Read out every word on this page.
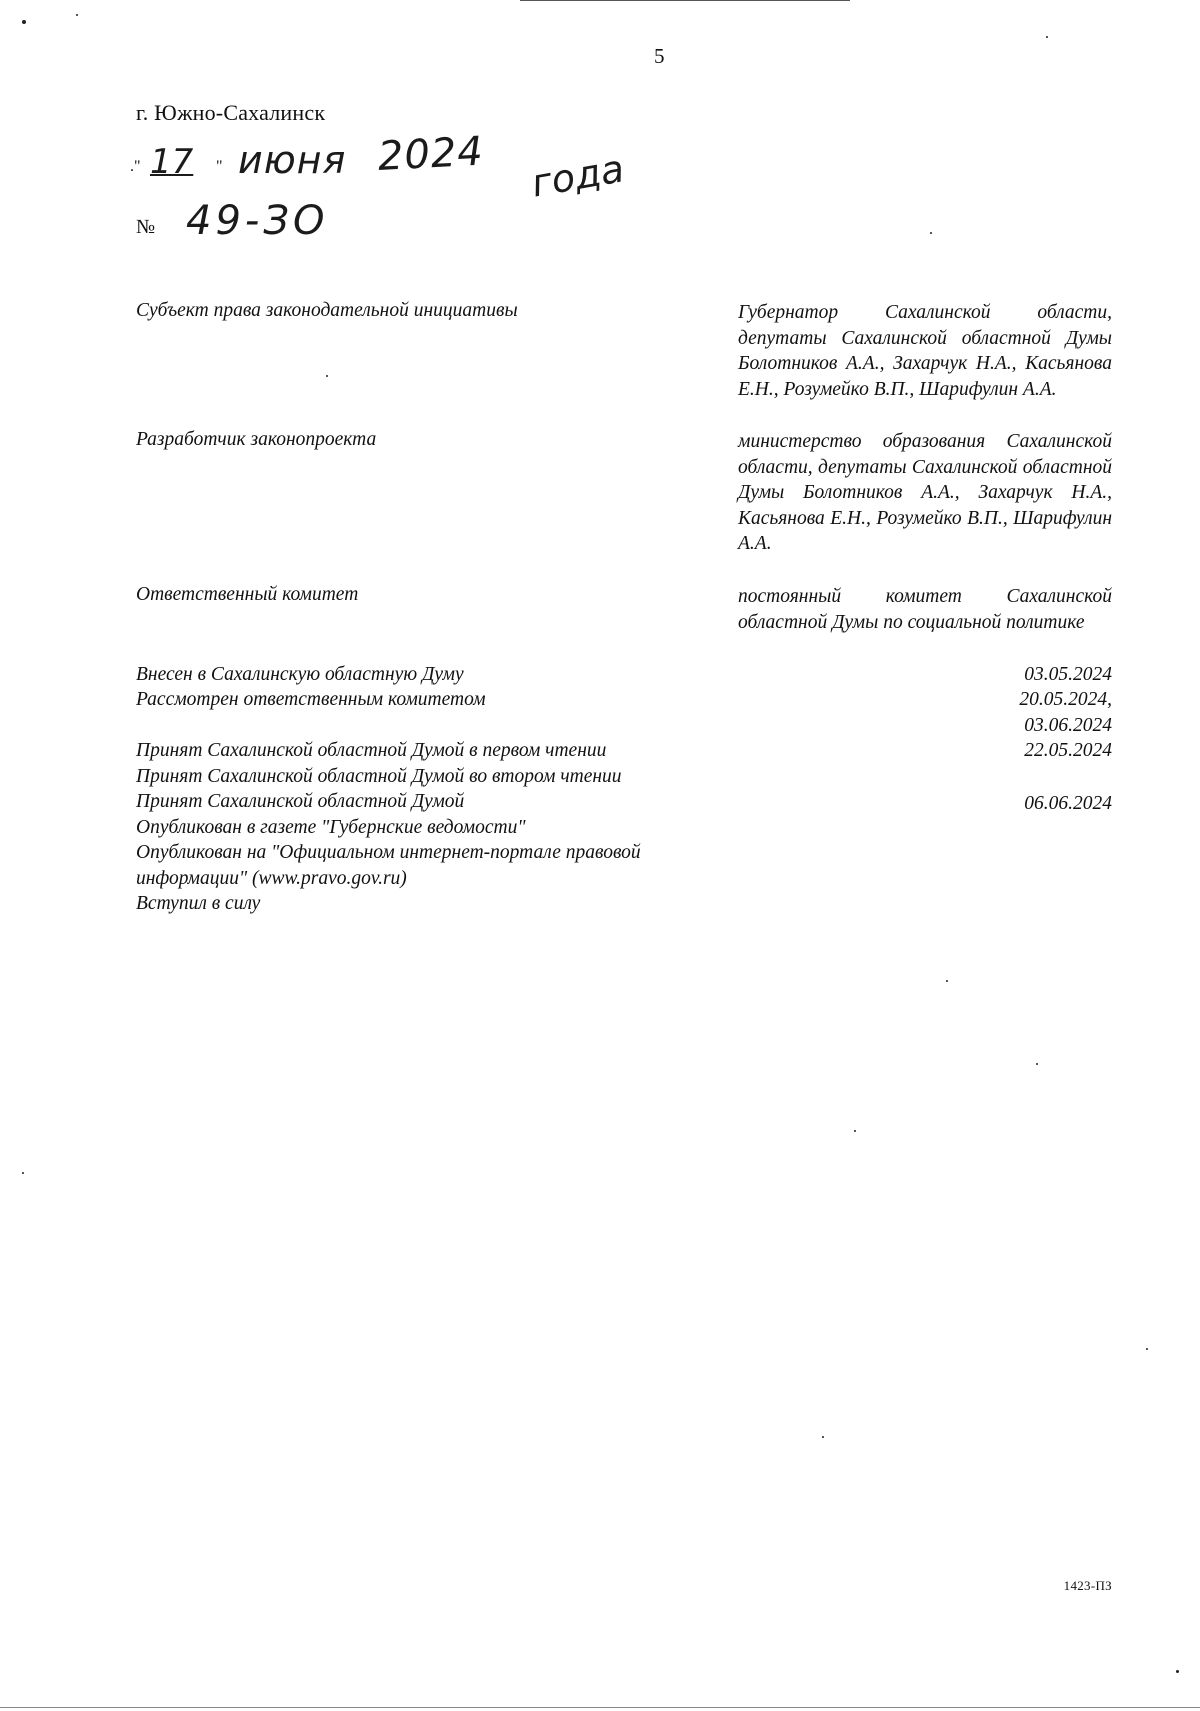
5
г. Южно-Сахалинск
." 17 " июня 2024 года
№ 49-ЗО
Субъект права законодательной инициативы	Губернатор Сахалинской области, депутаты Сахалинской областной Думы Болотников А.А., Захарчук Н.А., Касьянова Е.Н., Розумейко В.П., Шарифулин А.А.
Разработчик законопроекта	министерство образования Сахалинской области, депутаты Сахалинской областной Думы Болотников А.А., Захарчук Н.А., Касьянова Е.Н., Розумейко В.П., Шарифулин А.А.
Ответственный комитет	постоянный комитет Сахалинской областной Думы по социальной политике
Внесен в Сахалинскую областную Думу	03.05.2024
Рассмотрен ответственным комитетом	20.05.2024,
03.06.2024
Принят Сахалинской областной Думой в первом чтении	22.05.2024
Принят Сахалинской областной Думой во втором чтении
Принят Сахалинской областной Думой	06.06.2024
Опубликован в газете "Губернские ведомости"
Опубликован на "Официальном интернет-портале правовой
информации" (www.pravo.gov.ru)
Вступил в силу
1423-ПЗ
